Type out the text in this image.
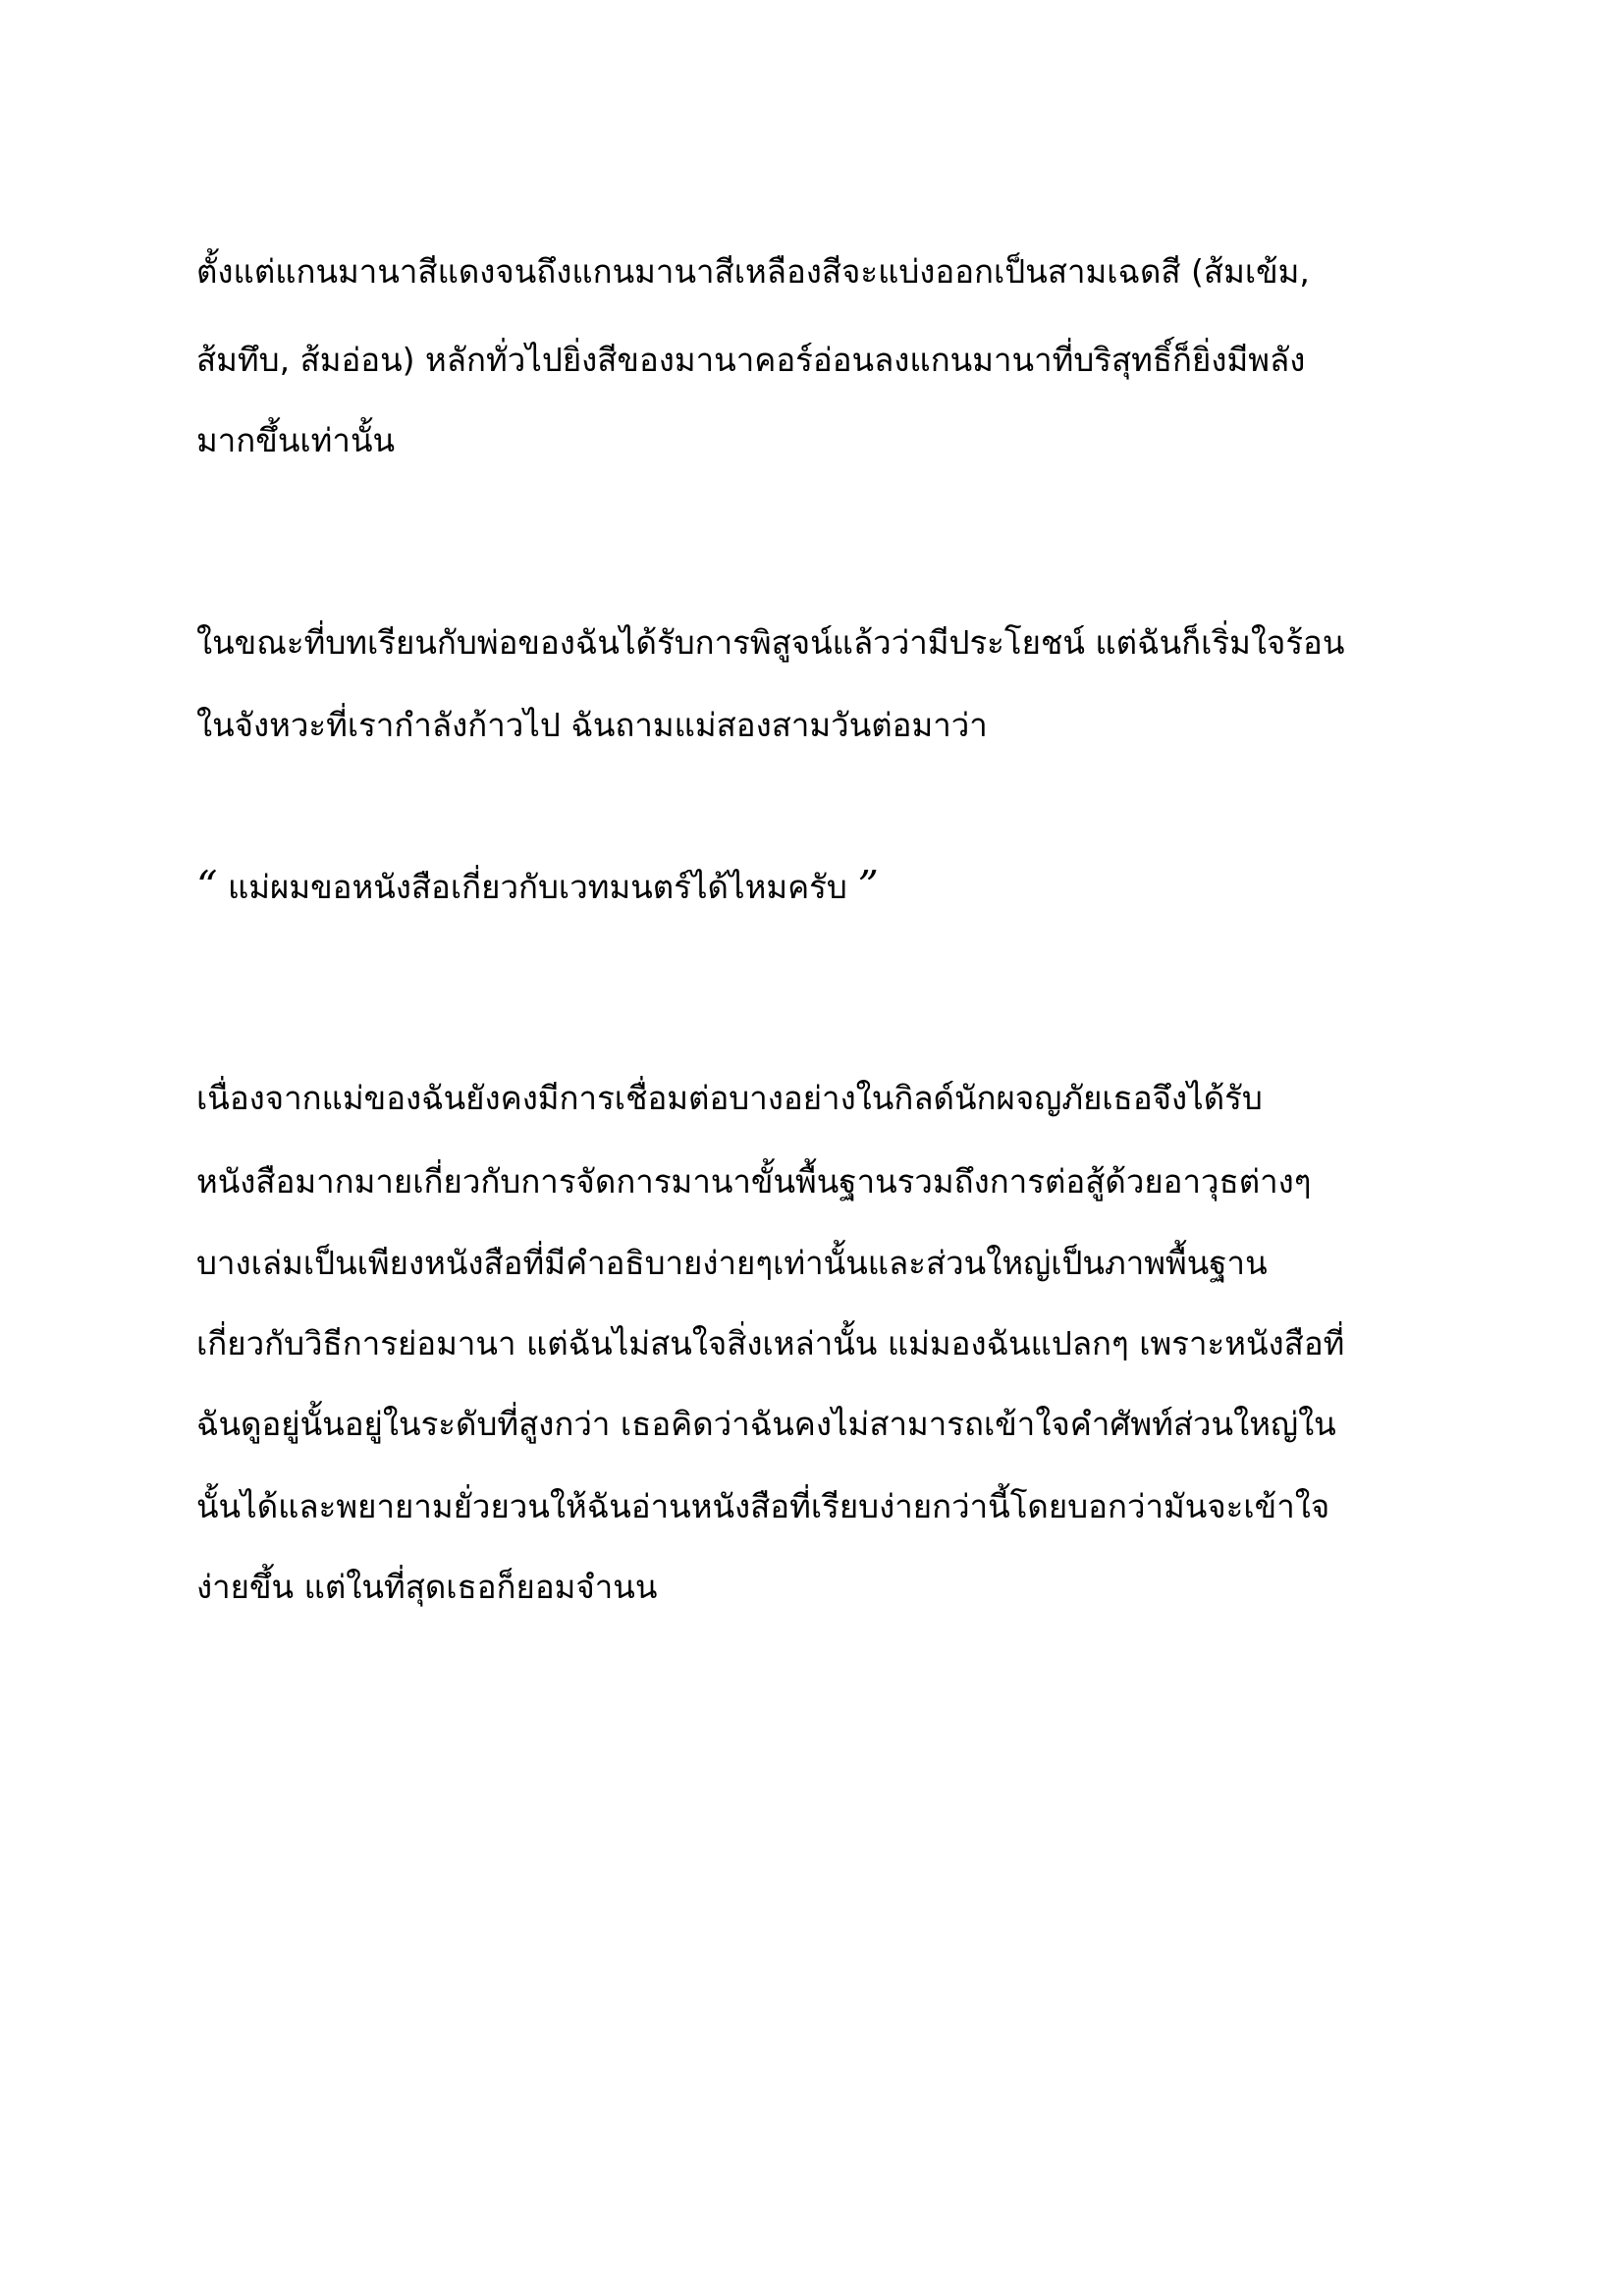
ตั้งแต่แกนมานาสีแดงจนถึงแกนมานาสีเหลืองสีจะแบ่งออกเป็นสามเฉดสี (ส้มเข้ม,
ส้มทึบ, ส้มอ่อน) หลักทั่วไปยิ่งสีของมานาคอร์อ่อนลงแกนมานาที่บริสุทธิ์ก็ยิ่งมีพลัง
มากขึ้นเท่านั้น
ในขณะที่บทเรียนกับพ่อของฉันได้รับการพิสูจน์แล้วว่ามีประโยชน์ แต่ฉันก็เริ่มใจร้อน
ในจังหวะที่เรากำลังก้าวไป ฉันถามแม่สองสามวันต่อมาว่า
“ แม่ผมขอหนังสือเกี่ยวกับเวทมนตร์ได้ไหมครับ ”
เนื่องจากแม่ของฉันยังคงมีการเชื่อมต่อบางอย่างในกิลด์นักผจญภัยเธอจึงได้รับ
หนังสือมากมายเกี่ยวกับการจัดการมานาขั้นพื้นฐานรวมถึงการต่อสู้ด้วยอาวุธต่างๆ
บางเล่มเป็นเพียงหนังสือที่มีคำอธิบายง่ายๆเท่านั้นและส่วนใหญ่เป็นภาพพื้นฐาน
เกี่ยวกับวิธีการย่อมานา แต่ฉันไม่สนใจสิ่งเหล่านั้น แม่มองฉันแปลกๆ เพราะหนังสือที่
ฉันดูอยู่นั้นอยู่ในระดับที่สูงกว่า เธอคิดว่าฉันคงไม่สามารถเข้าใจคำศัพท์ส่วนใหญ่ใน
นั้นได้และพยายามยั่วยวนให้ฉันอ่านหนังสือที่เรียบง่ายกว่านี้โดยบอกว่ามันจะเข้าใจ
ง่ายขึ้น แต่ในที่สุดเธอก็ยอมจำนน
